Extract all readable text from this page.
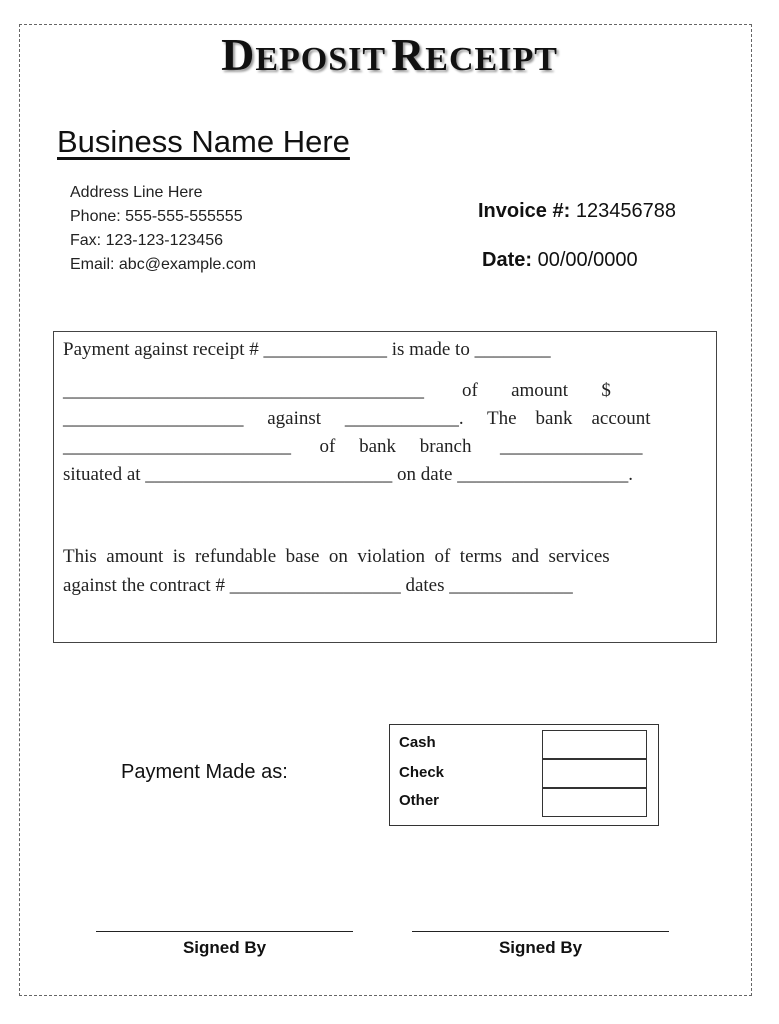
DEPOSIT RECEIPT
Business Name Here
Address Line Here
Phone: 555-555-555555
Fax: 123-123-123456
Email: abc@example.com
Invoice #: 123456788
Date: 00/00/0000
Payment against receipt # _____________ is made to ________
______________________________________        of       amount       $
___________________     against     ____________.     The    bank    account
________________________      of     bank     branch      _______________
situated at __________________________ on date __________________.
This  amount  is  refundable  base  on  violation  of  terms  and  services
against the contract # __________________ dates _____________
Payment Made as:
Cash
Check
Other
Signed By	Signed By
